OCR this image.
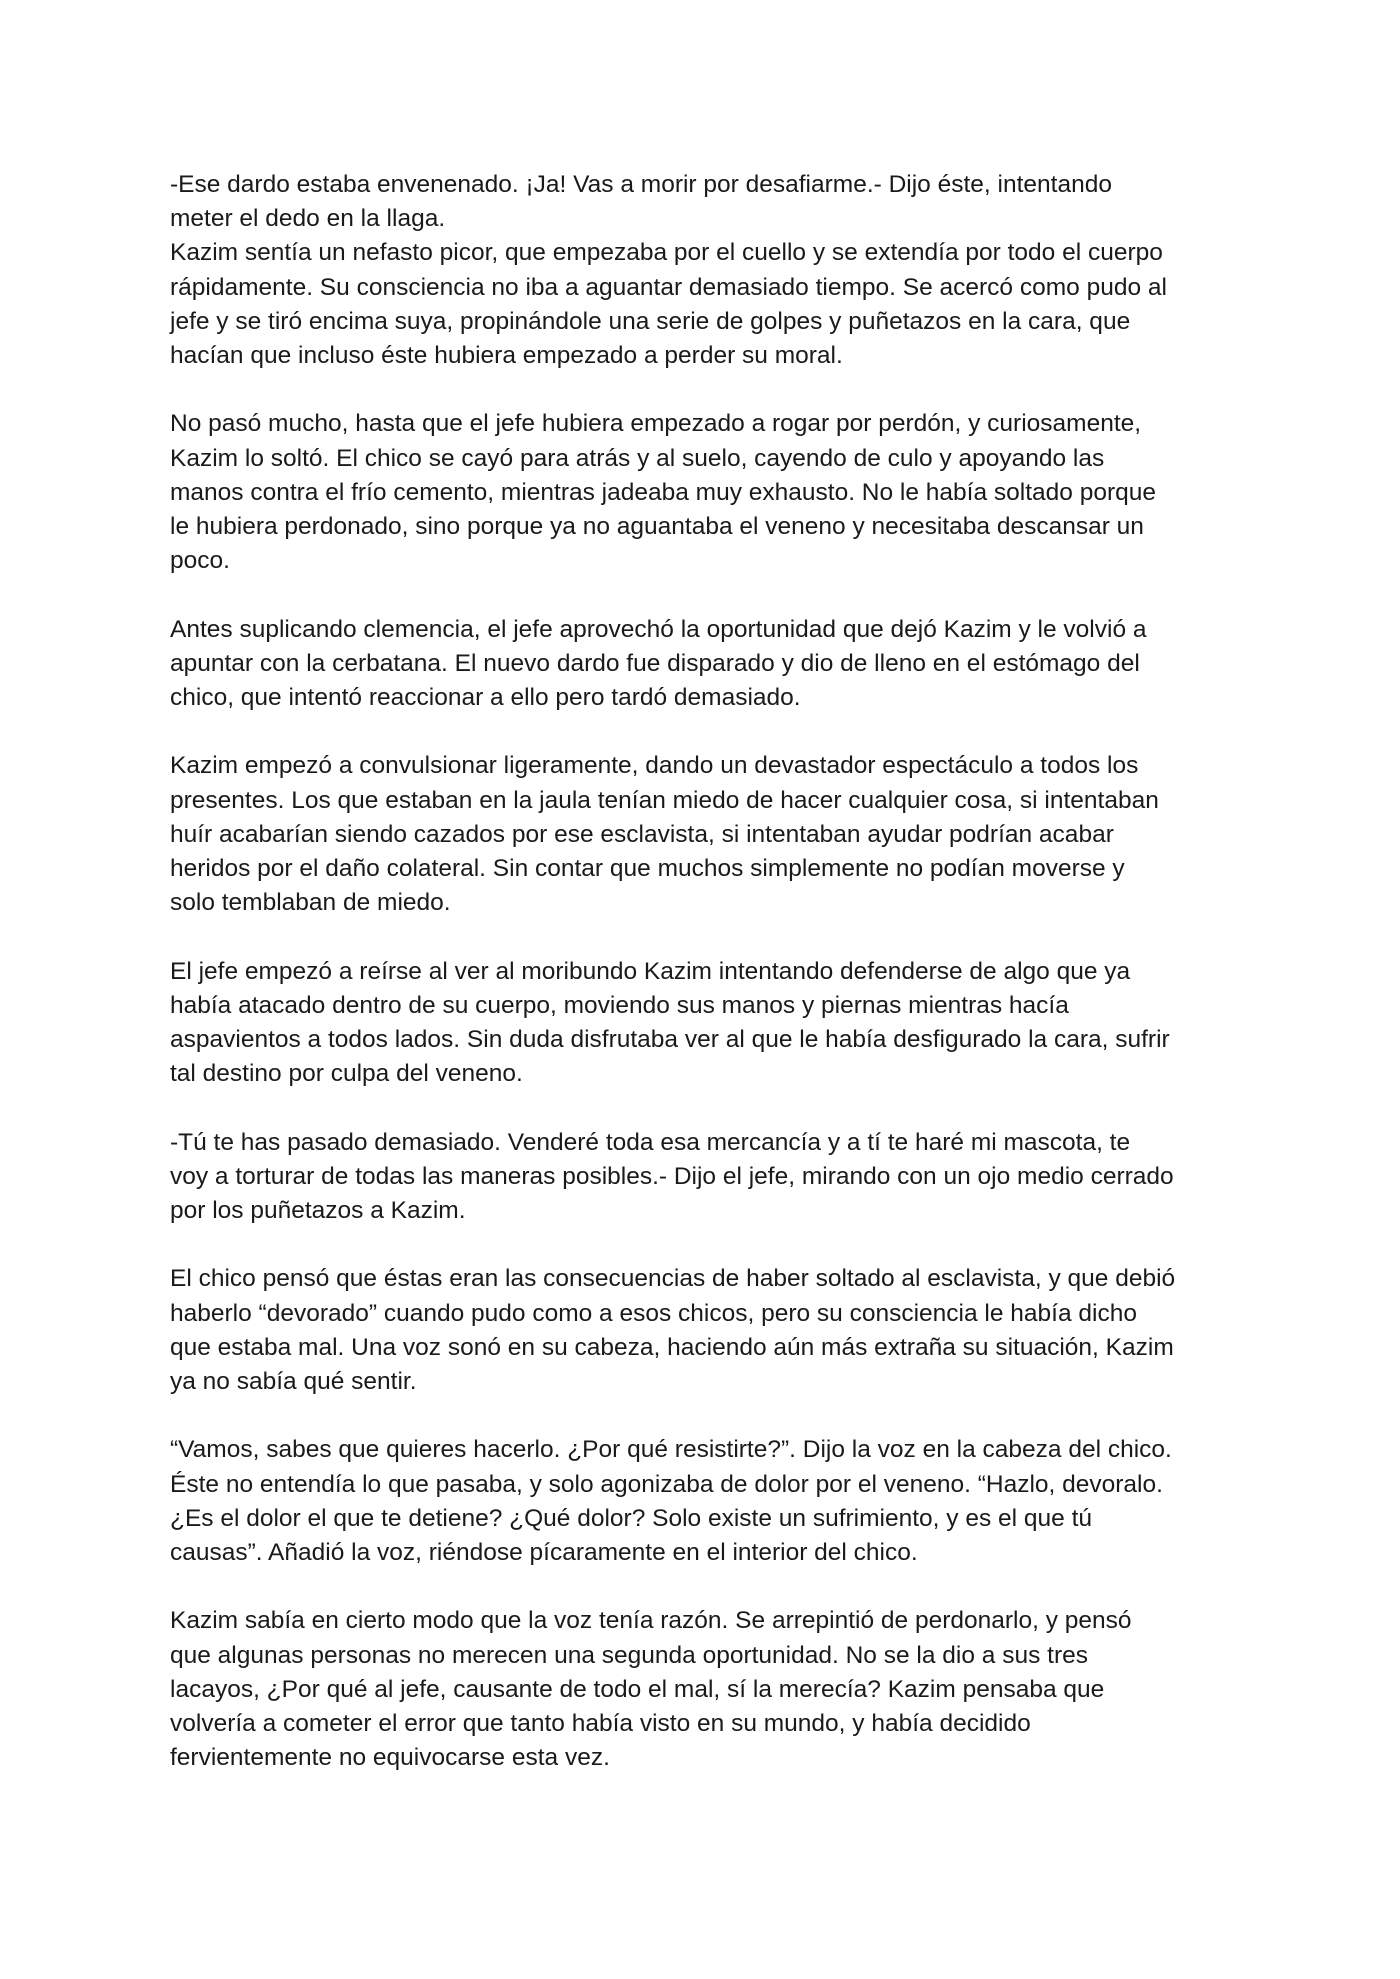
-Ese dardo estaba envenenado. ¡Ja! Vas a morir por desafiarme.- Dijo éste, intentando
meter el dedo en la llaga.
Kazim sentía un nefasto picor, que empezaba por el cuello y se extendía por todo el cuerpo
rápidamente. Su consciencia no iba a aguantar demasiado tiempo. Se acercó como pudo al
jefe y se tiró encima suya, propinándole una serie de golpes y puñetazos en la cara, que
hacían que incluso éste hubiera empezado a perder su moral.

No pasó mucho, hasta que el jefe hubiera empezado a rogar por perdón, y curiosamente,
Kazim lo soltó. El chico se cayó para atrás y al suelo, cayendo de culo y apoyando las
manos contra el frío cemento, mientras jadeaba muy exhausto. No le había soltado porque
le hubiera perdonado, sino porque ya no aguantaba el veneno y necesitaba descansar un
poco.

Antes suplicando clemencia, el jefe aprovechó la oportunidad que dejó Kazim y le volvió a
apuntar con la cerbatana. El nuevo dardo fue disparado y dio de lleno en el estómago del
chico, que intentó reaccionar a ello pero tardó demasiado.

Kazim empezó a convulsionar ligeramente, dando un devastador espectáculo a todos los
presentes. Los que estaban en la jaula tenían miedo de hacer cualquier cosa, si intentaban
huír acabarían siendo cazados por ese esclavista, si intentaban ayudar podrían acabar
heridos por el daño colateral. Sin contar que muchos simplemente no podían moverse y
solo temblaban de miedo.

El jefe empezó a reírse al ver al moribundo Kazim intentando defenderse de algo que ya
había atacado dentro de su cuerpo, moviendo sus manos y piernas mientras hacía
aspavientos a todos lados. Sin duda disfrutaba ver al que le había desfigurado la cara, sufrir
tal destino por culpa del veneno.

-Tú te has pasado demasiado. Venderé toda esa mercancía y a tí te haré mi mascota, te
voy a torturar de todas las maneras posibles.- Dijo el jefe, mirando con un ojo medio cerrado
por los puñetazos a Kazim.

El chico pensó que éstas eran las consecuencias de haber soltado al esclavista, y que debió
haberlo “devorado” cuando pudo como a esos chicos, pero su consciencia le había dicho
que estaba mal. Una voz sonó en su cabeza, haciendo aún más extraña su situación, Kazim
ya no sabía qué sentir.

“Vamos, sabes que quieres hacerlo. ¿Por qué resistirte?”. Dijo la voz en la cabeza del chico.
Éste no entendía lo que pasaba, y solo agonizaba de dolor por el veneno. “Hazlo, devoralo.
¿Es el dolor el que te detiene? ¿Qué dolor? Solo existe un sufrimiento, y es el que tú
causas”. Añadió la voz, riéndose pícaramente en el interior del chico.

Kazim sabía en cierto modo que la voz tenía razón. Se arrepintió de perdonarlo, y pensó
que algunas personas no merecen una segunda oportunidad. No se la dio a sus tres
lacayos, ¿Por qué al jefe, causante de todo el mal, sí la merecía? Kazim pensaba que
volvería a cometer el error que tanto había visto en su mundo, y había decidido
fervientemente no equivocarse esta vez.
